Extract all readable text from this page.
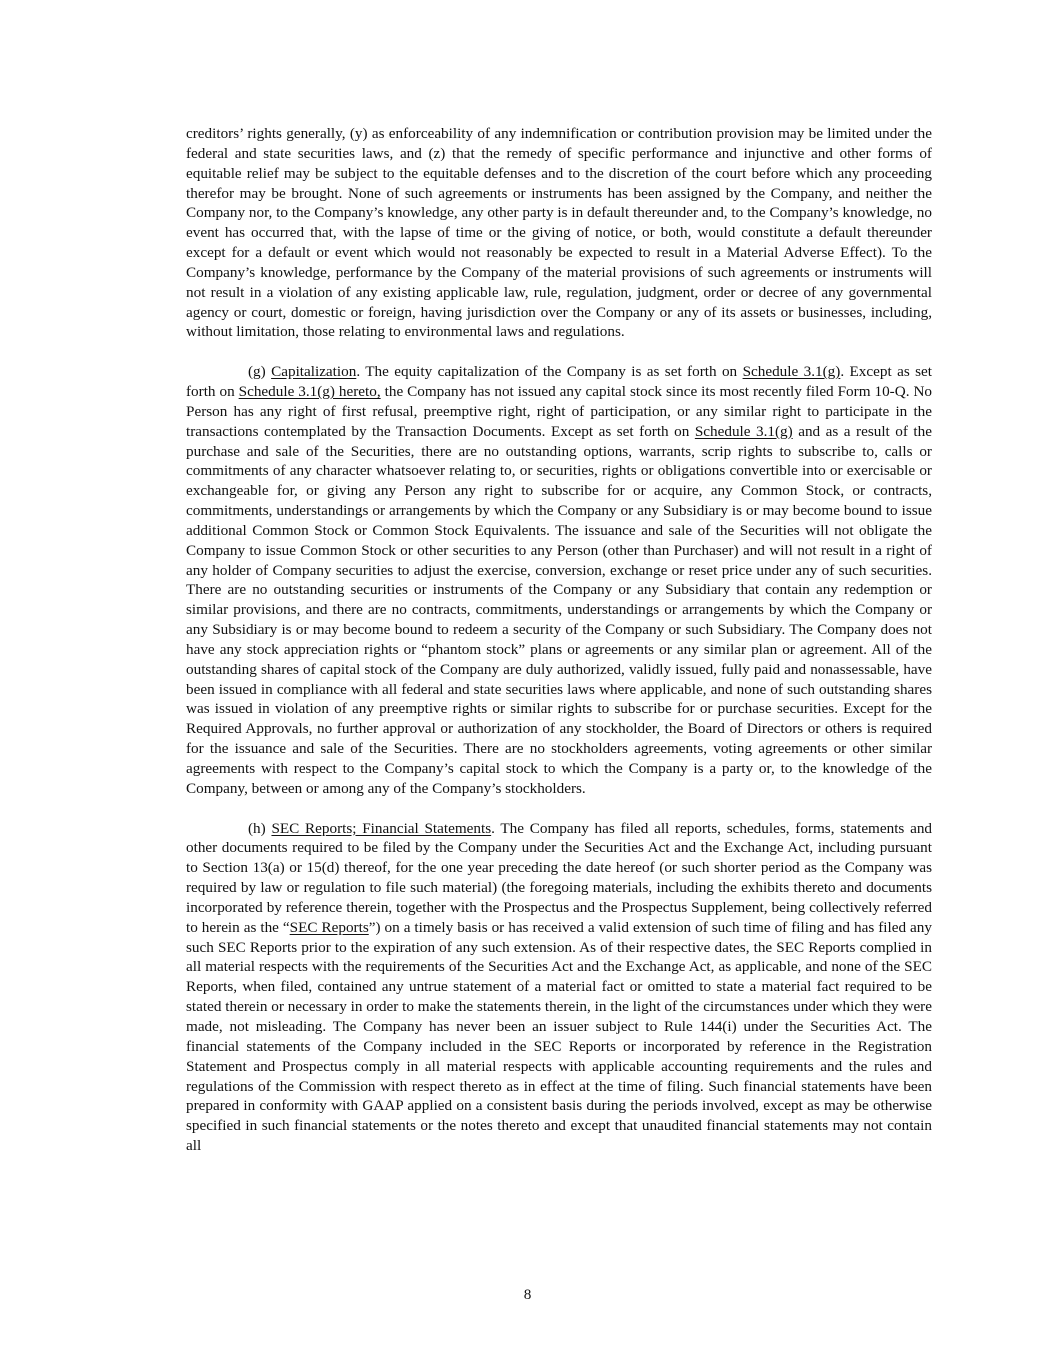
creditors’ rights generally, (y) as enforceability of any indemnification or contribution provision may be limited under the federal and state securities laws, and (z) that the remedy of specific performance and injunctive and other forms of equitable relief may be subject to the equitable defenses and to the discretion of the court before which any proceeding therefor may be brought. None of such agreements or instruments has been assigned by the Company, and neither the Company nor, to the Company’s knowledge, any other party is in default thereunder and, to the Company’s knowledge, no event has occurred that, with the lapse of time or the giving of notice, or both, would constitute a default thereunder except for a default or event which would not reasonably be expected to result in a Material Adverse Effect). To the Company’s knowledge, performance by the Company of the material provisions of such agreements or instruments will not result in a violation of any existing applicable law, rule, regulation, judgment, order or decree of any governmental agency or court, domestic or foreign, having jurisdiction over the Company or any of its assets or businesses, including, without limitation, those relating to environmental laws and regulations.

(g) Capitalization. The equity capitalization of the Company is as set forth on Schedule 3.1(g). Except as set forth on Schedule 3.1(g) hereto, the Company has not issued any capital stock since its most recently filed Form 10-Q. No Person has any right of first refusal, preemptive right, right of participation, or any similar right to participate in the transactions contemplated by the Transaction Documents. Except as set forth on Schedule 3.1(g) and as a result of the purchase and sale of the Securities, there are no outstanding options, warrants, scrip rights to subscribe to, calls or commitments of any character whatsoever relating to, or securities, rights or obligations convertible into or exercisable or exchangeable for, or giving any Person any right to subscribe for or acquire, any Common Stock, or contracts, commitments, understandings or arrangements by which the Company or any Subsidiary is or may become bound to issue additional Common Stock or Common Stock Equivalents. The issuance and sale of the Securities will not obligate the Company to issue Common Stock or other securities to any Person (other than Purchaser) and will not result in a right of any holder of Company securities to adjust the exercise, conversion, exchange or reset price under any of such securities. There are no outstanding securities or instruments of the Company or any Subsidiary that contain any redemption or similar provisions, and there are no contracts, commitments, understandings or arrangements by which the Company or any Subsidiary is or may become bound to redeem a security of the Company or such Subsidiary. The Company does not have any stock appreciation rights or “phantom stock” plans or agreements or any similar plan or agreement. All of the outstanding shares of capital stock of the Company are duly authorized, validly issued, fully paid and nonassessable, have been issued in compliance with all federal and state securities laws where applicable, and none of such outstanding shares was issued in violation of any preemptive rights or similar rights to subscribe for or purchase securities. Except for the Required Approvals, no further approval or authorization of any stockholder, the Board of Directors or others is required for the issuance and sale of the Securities. There are no stockholders agreements, voting agreements or other similar agreements with respect to the Company’s capital stock to which the Company is a party or, to the knowledge of the Company, between or among any of the Company’s stockholders.

(h) SEC Reports; Financial Statements. The Company has filed all reports, schedules, forms, statements and other documents required to be filed by the Company under the Securities Act and the Exchange Act, including pursuant to Section 13(a) or 15(d) thereof, for the one year preceding the date hereof (or such shorter period as the Company was required by law or regulation to file such material) (the foregoing materials, including the exhibits thereto and documents incorporated by reference therein, together with the Prospectus and the Prospectus Supplement, being collectively referred to herein as the “SEC Reports”) on a timely basis or has received a valid extension of such time of filing and has filed any such SEC Reports prior to the expiration of any such extension. As of their respective dates, the SEC Reports complied in all material respects with the requirements of the Securities Act and the Exchange Act, as applicable, and none of the SEC Reports, when filed, contained any untrue statement of a material fact or omitted to state a material fact required to be stated therein or necessary in order to make the statements therein, in the light of the circumstances under which they were made, not misleading. The Company has never been an issuer subject to Rule 144(i) under the Securities Act. The financial statements of the Company included in the SEC Reports or incorporated by reference in the Registration Statement and Prospectus comply in all material respects with applicable accounting requirements and the rules and regulations of the Commission with respect thereto as in effect at the time of filing. Such financial statements have been prepared in conformity with GAAP applied on a consistent basis during the periods involved, except as may be otherwise specified in such financial statements or the notes thereto and except that unaudited financial statements may not contain all

8
